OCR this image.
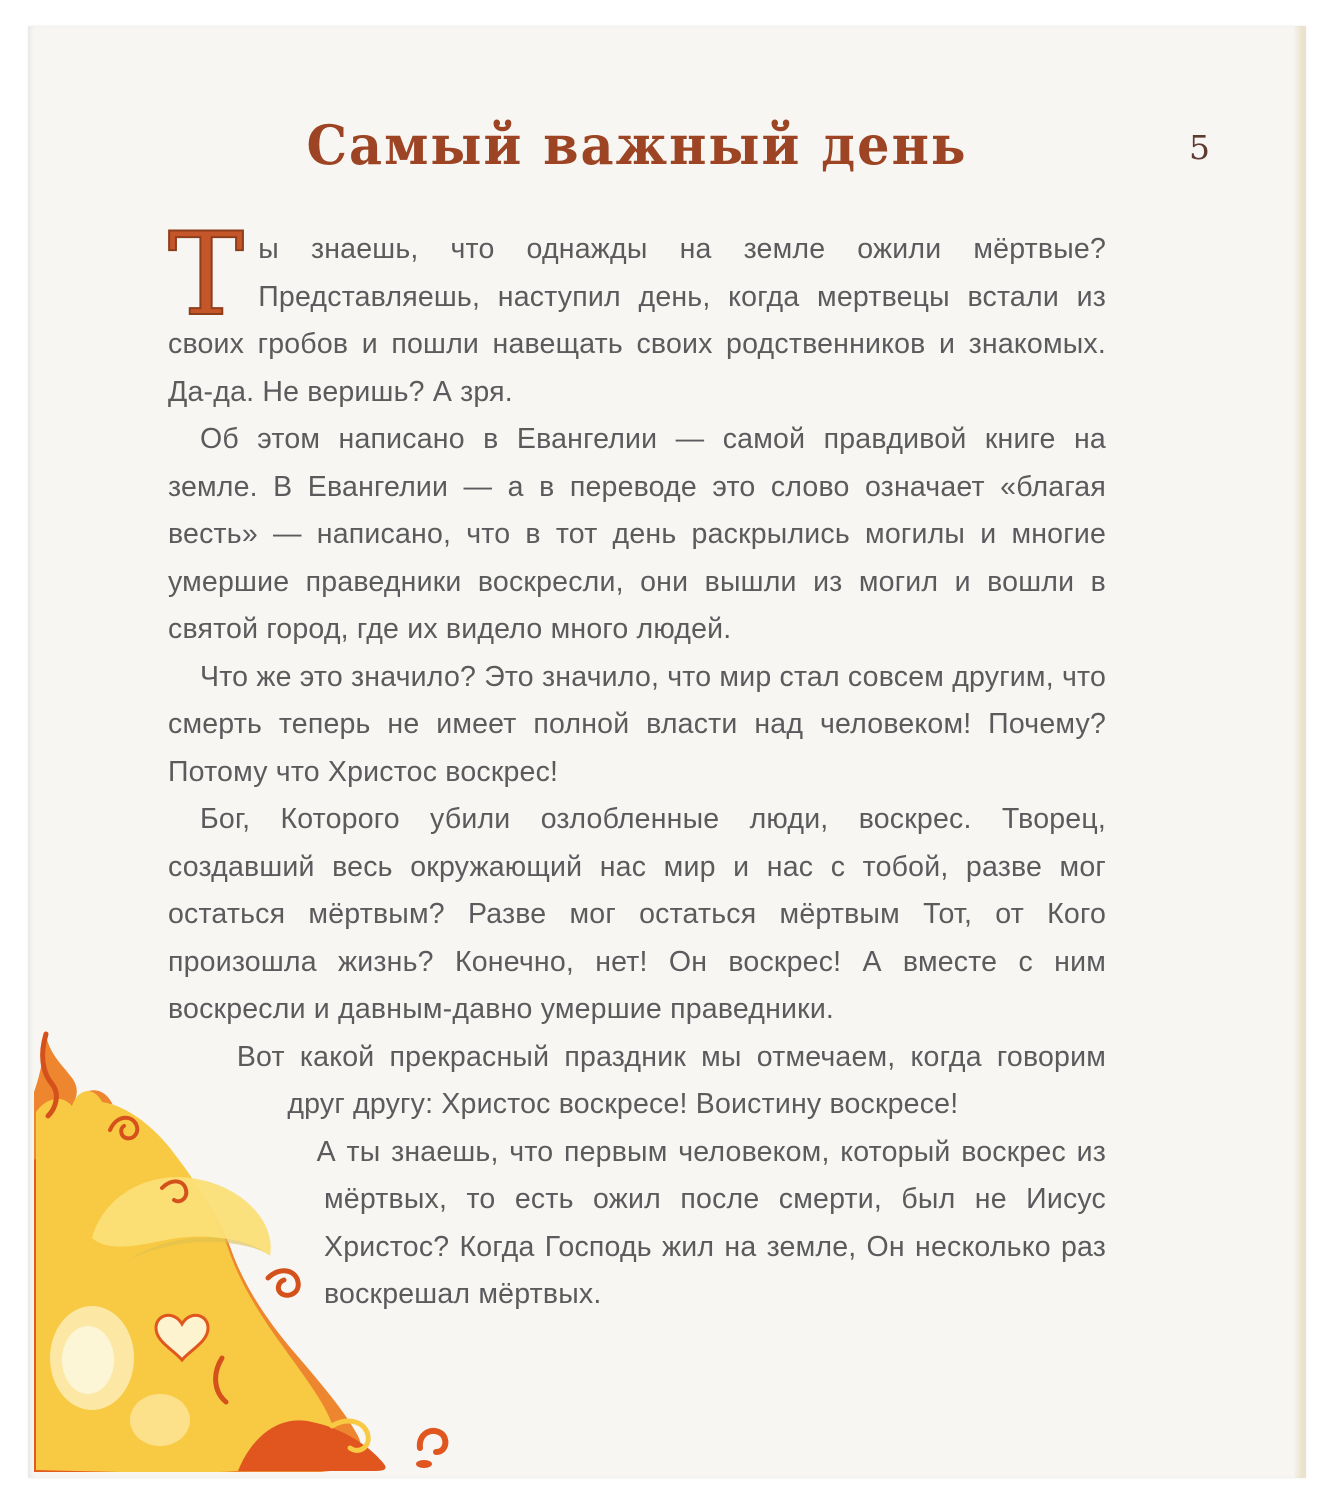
5
Самый важный день

Ты знаешь, что однажды на земле ожили мёртвые? Представляешь, наступил день, когда мертвецы встали из своих гробов и пошли навещать своих родственников и знакомых. Да-да. Не веришь? А зря.

Об этом написано в Евангелии — самой правдивой книге на земле. В Евангелии — а в переводе это слово означает «благая весть» — написано, что в тот день раскрылись могилы и многие умершие праведники воскресли, они вышли из могил и вошли в святой город, где их видело много людей.

Что же это значило? Это значило, что мир стал совсем другим, что смерть теперь не имеет полной власти над человеком! Почему? Потому что Христос воскрес!

Бог, Которого убили озлобленные люди, воскрес. Творец, создавший весь окружающий нас мир и нас с тобой, разве мог остаться мёртвым? Разве мог остаться мёртвым Тот, от Кого произошла жизнь? Конечно, нет! Он воскрес! А вместе с ним воскресли и давным-давно умершие праведники.

Вот какой прекрасный праздник мы отмечаем, когда говорим друг другу: Христос воскресе! Воистину воскресе!

А ты знаешь, что первым человеком, который воскрес из мёртвых, то есть ожил после смерти, был не Иисус Христос? Когда Господь жил на земле, Он несколько раз воскрешал мёртвых.
